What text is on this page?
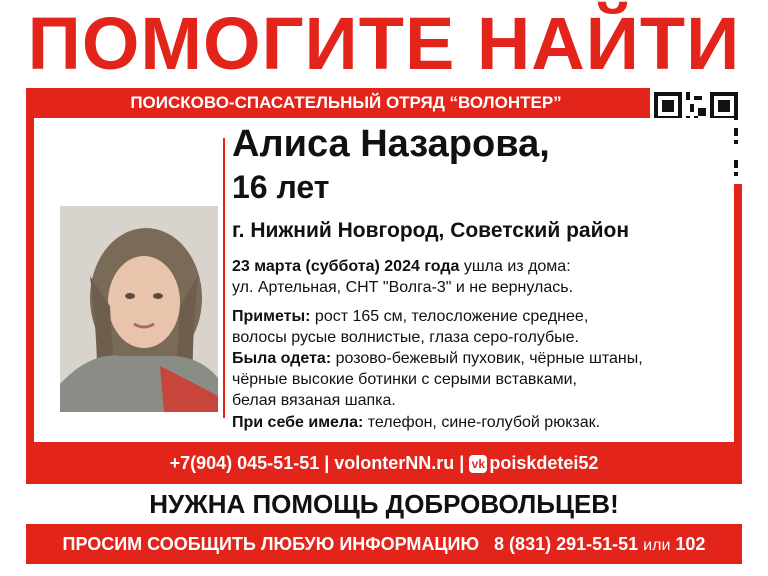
ПОМОГИТЕ НАЙТИ
ПОИСКОВО-СПАСАТЕЛЬНЫЙ ОТРЯД “ВОЛОНТЕР”
Алиса Назарова,
16 лет
г. Нижний Новгород, Советский район
23 марта (суббота) 2024 года ушла из дома:
ул. Артельная, СНТ "Волга-3" и не вернулась.
Приметы: рост 165 см, телосложение среднее,
волосы русые волнистые, глаза серо-голубые.
Была одета: розово-бежевый пуховик, чёрные штаны,
чёрные высокие ботинки с серыми вставками,
белая вязаная шапка.
При себе имела: телефон, сине-голубой рюкзак.
+7(904) 045-51-51 | volonterNN.ru | vk poiskdetei52
НУЖНА ПОМОЩЬ ДОБРОВОЛЬЦЕВ!
ПРОСИМ СООБЩИТЬ ЛЮБУЮ ИНФОРМАЦИЮ 8 (831) 291-51-51 или 102
